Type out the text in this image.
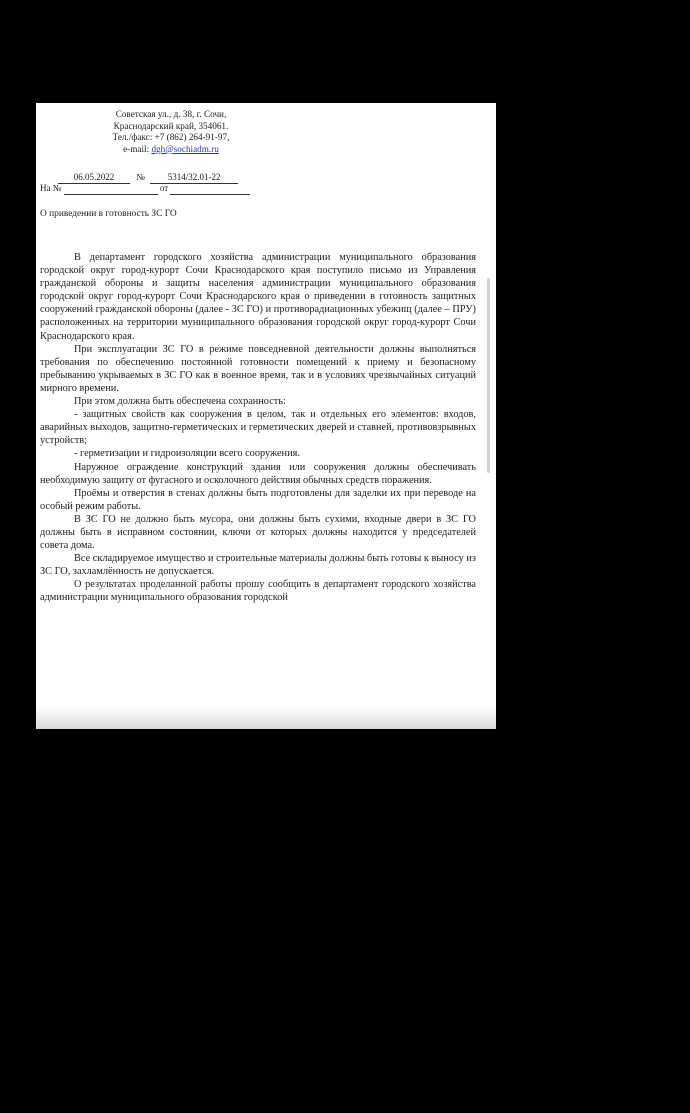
Советская ул., д. 38, г. Сочи,
Краснодарский край, 354061.
Тел./факс: +7 (862) 264-91-97,
e-mail: dgh@sochiadm.ru
06.05.2022 №	5314/32.01-22
На №	от
О приведении в готовность ЗС ГО

В департамент городского хозяйства администрации муниципального образования городской округ город-курорт Сочи Краснодарского края поступило письмо из Управления гражданской обороны и защиты населения администрации муниципального образования городской округ город-курорт Сочи Краснодарского края о приведении в готовность защитных сооружений гражданской обороны (далее - ЗС ГО) и противорадиационных убежищ (далее – ПРУ) расположенных на территории муниципального образования городской округ город-курорт Сочи Краснодарского края.

При эксплуатации ЗС ГО в режиме повседневной деятельности должны выполняться требования по обеспечению постоянной готовности помещений к приему и безопасному пребыванию укрываемых в ЗС ГО как в военное время, так и в условиях чрезвычайных ситуаций мирного времени.

При этом должна быть обеспечена сохранность:

- защитных свойств как сооружения в целом, так и отдельных его элементов: входов, аварийных выходов, защитно-герметических и герметических дверей и ставней, противовзрывных устройств;

- герметизации и гидроизоляции всего сооружения.

Наружное ограждение конструкций здания или сооружения должны обеспечивать необходимую защиту от фугасного и осколочного действия обычных средств поражения.

Проёмы и отверстия в стенах должны быть подготовлены для заделки их при переводе на особый режим работы.

В ЗС ГО не должно быть мусора, они должны быть сухими, входные двери в ЗС ГО должны быть в исправном состоянии, ключи от которых должны находится у председателей совета дома.

Все складируемое имущество и строительные материалы должны быть готовы к выносу из ЗС ГО, захламлённость не допускается.

О результатах проделанной работы прошу сообщить в департамент городского хозяйства администрации муниципального образования городской
